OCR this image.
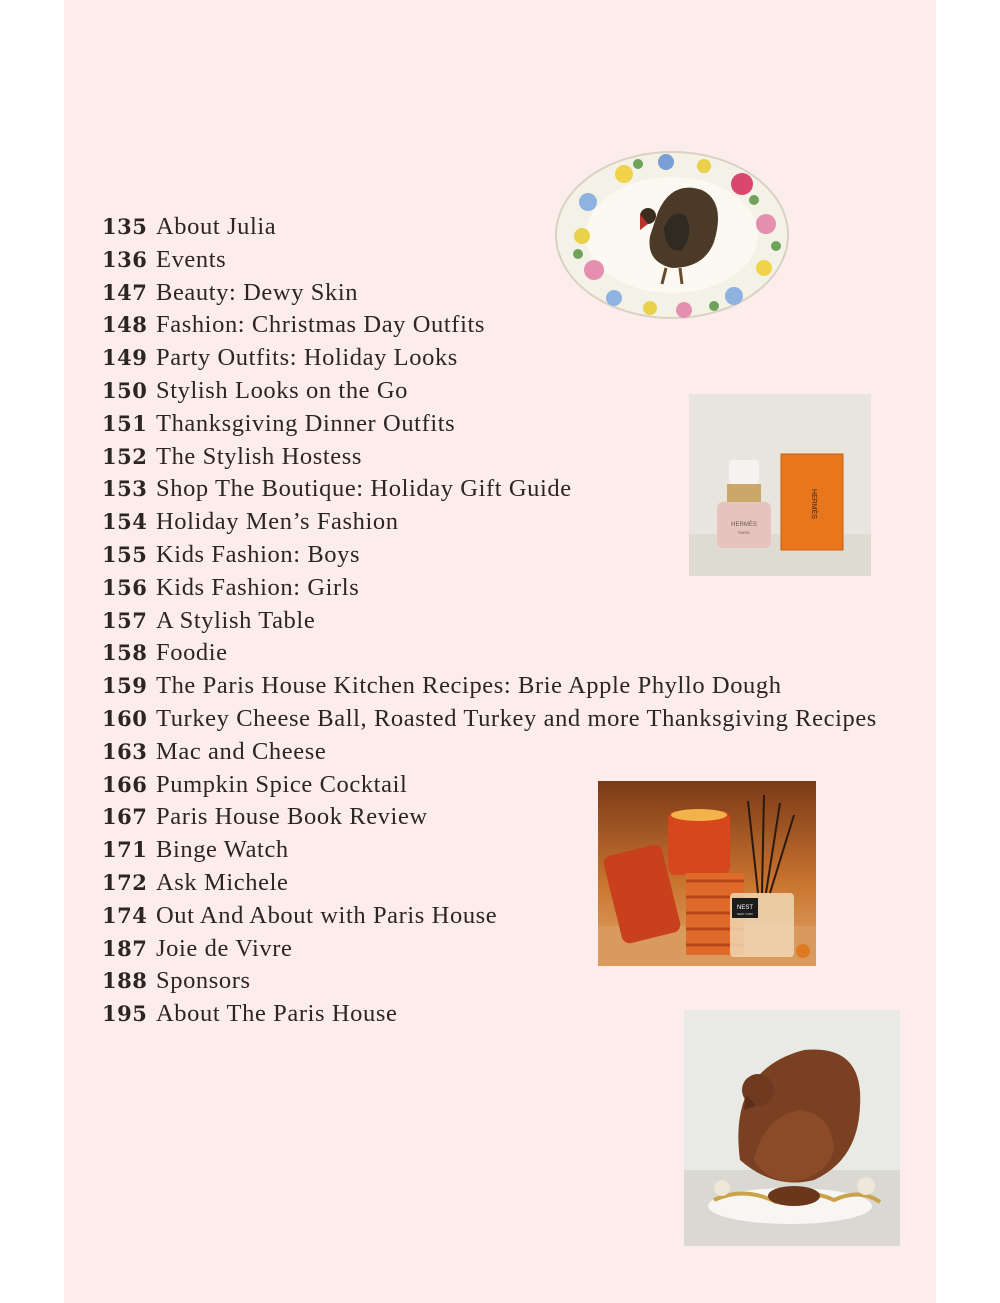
135 About Julia
136 Events
147 Beauty: Dewy Skin
148 Fashion: Christmas Day Outfits
149 Party Outfits: Holiday Looks
150 Stylish Looks on the Go
151 Thanksgiving Dinner Outfits
152 The Stylish Hostess
153 Shop The Boutique: Holiday Gift Guide
154 Holiday Men’s Fashion
155 Kids Fashion: Boys
156 Kids Fashion: Girls
157 A Stylish Table
158 Foodie
159 The Paris House Kitchen Recipes: Brie Apple Phyllo Dough
160 Turkey Cheese Ball, Roasted Turkey and more Thanksgiving Recipes
163 Mac and Cheese
166 Pumpkin Spice Cocktail
167 Paris House Book Review
171 Binge Watch
172 Ask Michele
174 Out And About with Paris House
187 Joie de Vivre
188 Sponsors
195 About The Paris House
HERMÈS
PARIS
HERMÈS
NEST
NEW YORK
